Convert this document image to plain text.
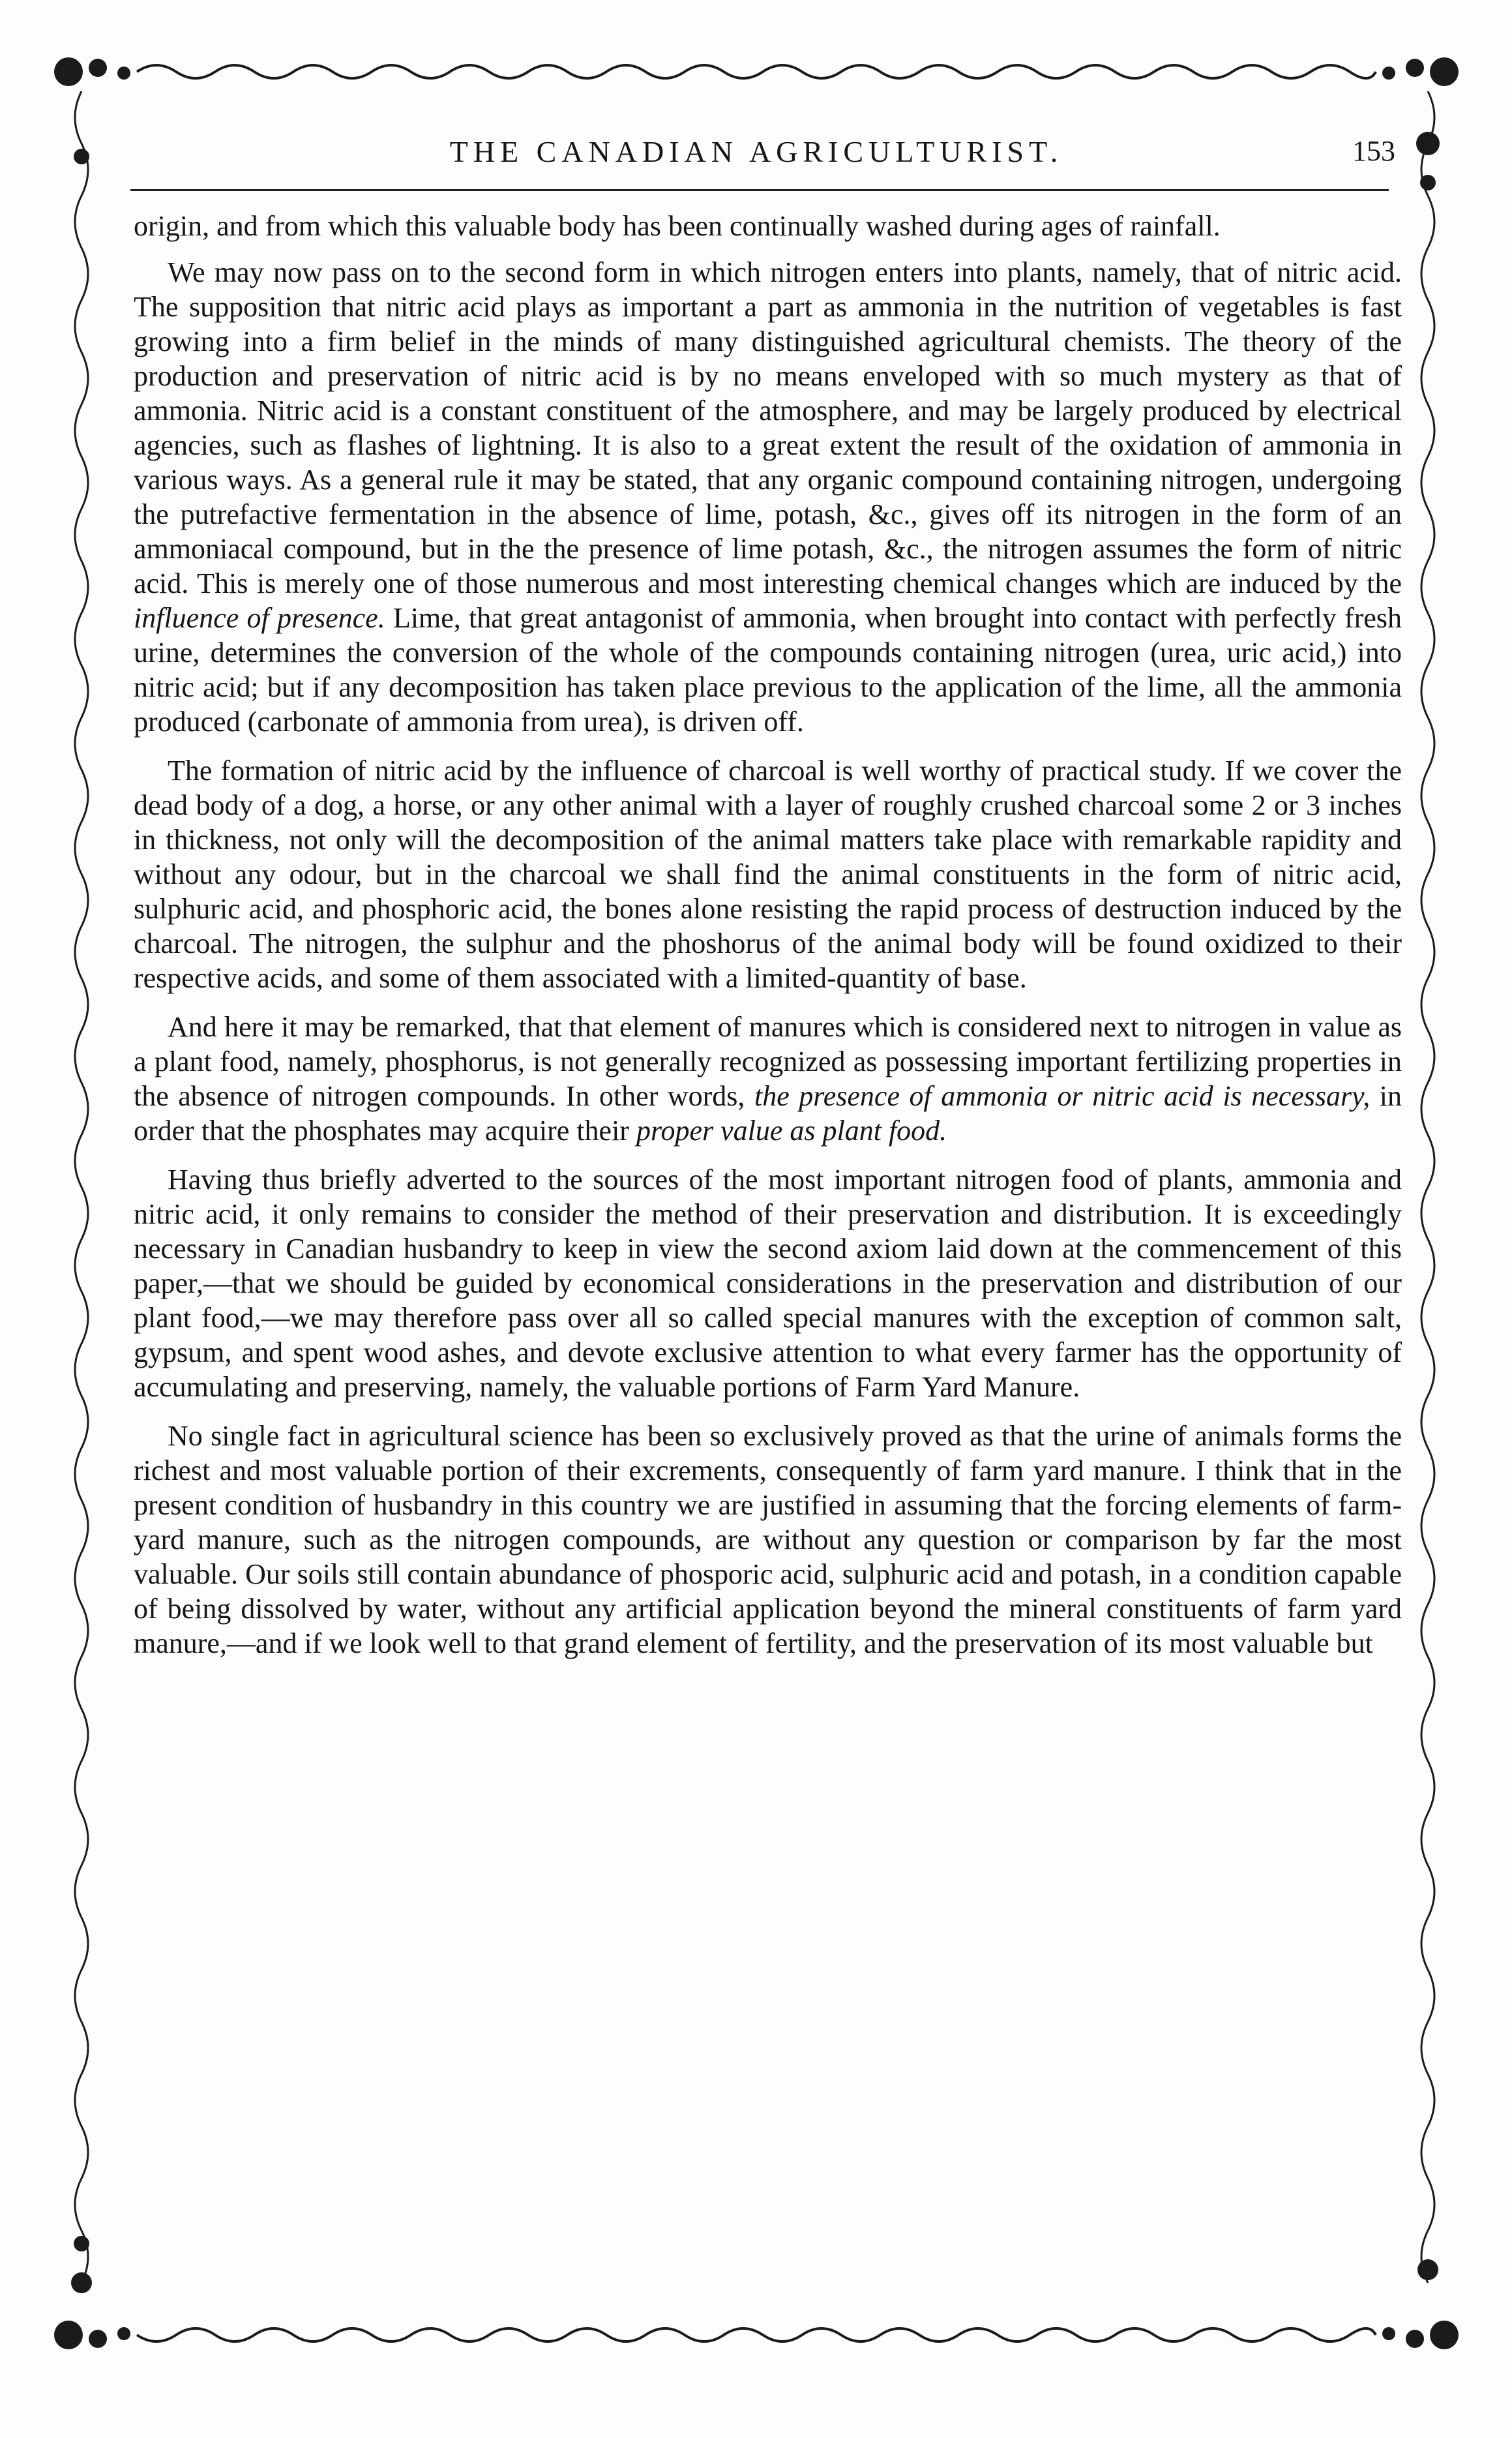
THE CANADIAN AGRICULTURIST.	153

origin, and from which this valuable body has been continually washed during ages of rainfall.

We may now pass on to the second form in which nitrogen enters into plants, namely, that of nitric acid. The supposition that nitric acid plays as important a part as ammonia in the nutrition of vegetables is fast growing into a firm belief in the minds of many distinguished agricultural chemists. The theory of the production and preservation of nitric acid is by no means enveloped with so much mystery as that of ammonia. Nitric acid is a constant constituent of the atmosphere, and may be largely produced by electrical agencies, such as flashes of lightning. It is also to a great extent the result of the oxidation of ammonia in various ways. As a general rule it may be stated, that any organic compound containing nitrogen, undergoing the putrefactive fermentation in the absence of lime, potash, &c., gives off its nitrogen in the form of an ammoniacal compound, but in the the presence of lime potash, &c., the nitrogen assumes the form of nitric acid. This is merely one of those numerous and most interesting chemical changes which are induced by the influence of presence. Lime, that great antagonist of ammonia, when brought into contact with perfectly fresh urine, determines the conversion of the whole of the compounds containing nitrogen (urea, uric acid,) into nitric acid; but if any decomposition has taken place previous to the application of the lime, all the ammonia produced (carbonate of ammonia from urea), is driven off.

The formation of nitric acid by the influence of charcoal is well worthy of practical study. If we cover the dead body of a dog, a horse, or any other animal with a layer of roughly crushed charcoal some 2 or 3 inches in thickness, not only will the decomposition of the animal matters take place with remarkable rapidity and without any odour, but in the charcoal we shall find the animal constituents in the form of nitric acid, sulphuric acid, and phosphoric acid, the bones alone resisting the rapid process of destruction induced by the charcoal. The nitrogen, the sulphur and the phoshorus of the animal body will be found oxidized to their respective acids, and some of them associated with a limited-quantity of base.

And here it may be remarked, that that element of manures which is considered next to nitrogen in value as a plant food, namely, phosphorus, is not generally recognized as possessing important fertilizing properties in the absence of nitrogen compounds. In other words, the presence of ammonia or nitric acid is necessary, in order that the phosphates may acquire their proper value as plant food.

Having thus briefly adverted to the sources of the most important nitrogen food of plants, ammonia and nitric acid, it only remains to consider the method of their preservation and distribution. It is exceedingly necessary in Canadian husbandry to keep in view the second axiom laid down at the commencement of this paper,—that we should be guided by economical considerations in the preservation and distribution of our plant food,—we may therefore pass over all so called special manures with the exception of common salt, gypsum, and spent wood ashes, and devote exclusive attention to what every farmer has the opportunity of accumulating and preserving, namely, the valuable portions of Farm Yard Manure.

No single fact in agricultural science has been so exclusively proved as that the urine of animals forms the richest and most valuable portion of their excrements, consequently of farm yard manure. I think that in the present condition of husbandry in this country we are justified in assuming that the forcing elements of farm-yard manure, such as the nitrogen compounds, are without any question or comparison by far the most valuable. Our soils still contain abundance of phosporic acid, sulphuric acid and potash, in a condition capable of being dissolved by water, without any artificial application beyond the mineral constituents of farm yard manure,—and if we look well to that grand element of fertility, and the preservation of its most valuable but
